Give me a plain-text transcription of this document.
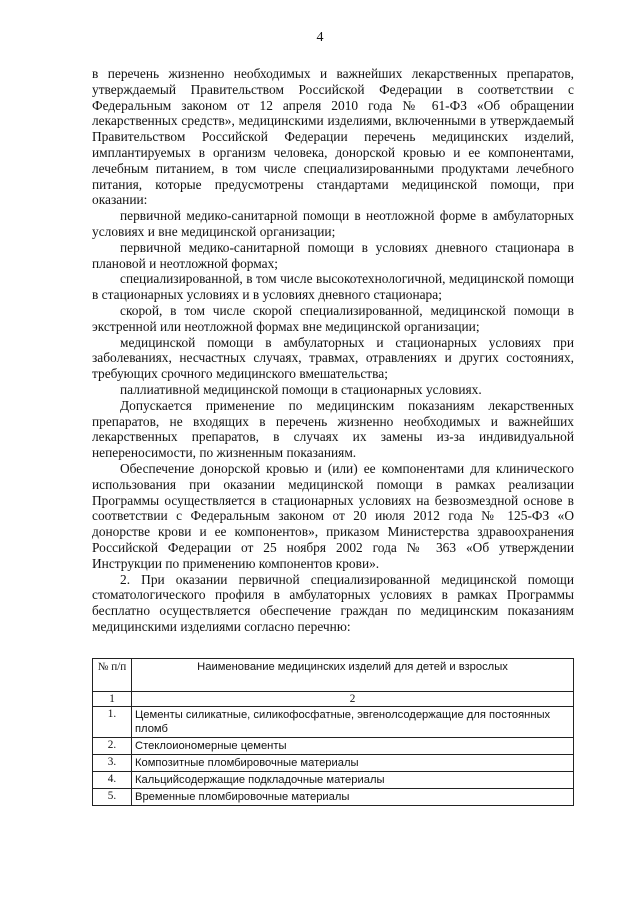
4

в перечень жизненно необходимых и важнейших лекарственных препаратов, утверждаемый Правительством Российской Федерации в соответствии с Федеральным законом от 12 апреля 2010 года № 61-ФЗ «Об обращении лекарственных средств», медицинскими изделиями, включенными в утверждаемый Правительством Российской Федерации перечень медицинских изделий, имплантируемых в организм человека, донорской кровью и ее компонентами, лечебным питанием, в том числе специализированными продуктами лечебного питания, которые предусмотрены стандартами медицинской помощи, при оказании:

первичной медико-санитарной помощи в неотложной форме в амбулаторных условиях и вне медицинской организации;

первичной медико-санитарной помощи в условиях дневного стационара в плановой и неотложной формах;

специализированной, в том числе высокотехнологичной, медицинской помощи в стационарных условиях и в условиях дневного стационара;

скорой, в том числе скорой специализированной, медицинской помощи в экстренной или неотложной формах вне медицинской организации;

медицинской помощи в амбулаторных и стационарных условиях при заболеваниях, несчастных случаях, травмах, отравлениях и других состояниях, требующих срочного медицинского вмешательства;

паллиативной медицинской помощи в стационарных условиях.

Допускается применение по медицинским показаниям лекарственных препаратов, не входящих в перечень жизненно необходимых и важнейших лекарственных препаратов, в случаях их замены из-за индивидуальной непереносимости, по жизненным показаниям.

Обеспечение донорской кровью и (или) ее компонентами для клинического использования при оказании медицинской помощи в рамках реализации Программы осуществляется в стационарных условиях на безвозмездной основе в соответствии с Федеральным законом от 20 июля 2012 года № 125-ФЗ «О донорстве крови и ее компонентов», приказом Министерства здравоохранения Российской Федерации от 25 ноября 2002 года № 363 «Об утверждении Инструкции по применению компонентов крови».

2. При оказании первичной специализированной медицинской помощи стоматологического профиля в амбулаторных условиях в рамках Программы бесплатно осуществляется обеспечение граждан по медицинским показаниям медицинскими изделиями согласно перечню:

№ п/п	Наименование медицинских изделий для детей и взрослых
1	2
1.	Цементы силикатные, силикофосфатные, эвгенолсодержащие для постоянных пломб
2.	Стеклоиономерные цементы
3.	Композитные пломбировочные материалы
4.	Кальцийсодержащие подкладочные материалы
5.	Временные пломбировочные материалы
